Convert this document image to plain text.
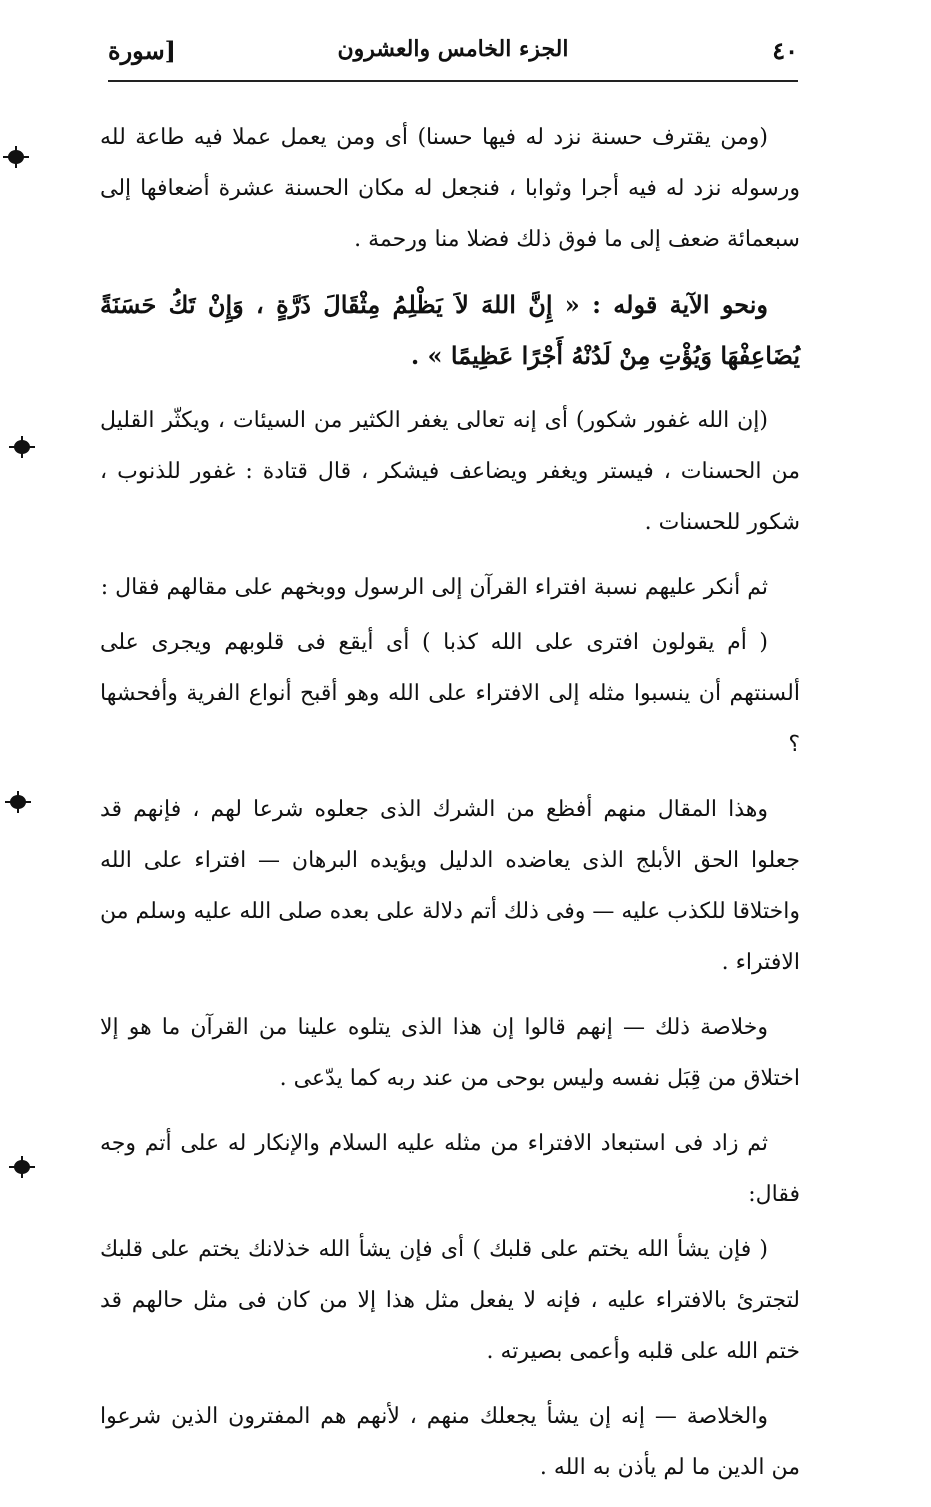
٤٠
الجزء الخامس والعشرون
[سورة

(ومن يقترف حسنة نزد له فيها حسنا) أى ومن يعمل عملا فيه طاعة لله ورسوله نزد له فيه أجرا وثوابا ، فنجعل له مكان الحسنة عشرة أضعافها إلى سبعمائة ضعف إلى ما فوق ذلك فضلا منا ورحمة .

ونحو الآية قوله : « إِنَّ اللهَ لاَ يَظْلِمُ مِثْقَالَ ذَرَّةٍ ، وَإِنْ تَكُ حَسَنَةً يُضَاعِفْهَا وَيُؤْتِ مِنْ لَدُنْهُ أَجْرًا عَظِيمًا » .

(إن الله غفور شكور) أى إنه تعالى يغفر الكثير من السيئات ، ويكثّر القليل من الحسنات ، فيستر ويغفر ويضاعف فيشكر ، قال قتادة : غفور للذنوب ، شكور للحسنات .

ثم أنكر عليهم نسبة افتراء القرآن إلى الرسول ووبخهم على مقالهم فقال :

( أم يقولون افترى على الله كذبا ) أى أيقع فى قلوبهم ويجرى على ألسنتهم أن ينسبوا مثله إلى الافتراء على الله وهو أقبح أنواع الفرية وأفحشها ؟

وهذا المقال منهم أفظع من الشرك الذى جعلوه شرعا لهم ، فإنهم قد جعلوا الحق الأبلج الذى يعاضده الدليل ويؤيده البرهان — افتراء على الله واختلاقا للكذب عليه — وفى ذلك أتم دلالة على بعده صلى الله عليه وسلم من الافتراء .

وخلاصة ذلك — إنهم قالوا إن هذا الذى يتلوه علينا من القرآن ما هو إلا اختلاق من قِبَل نفسه وليس بوحى من عند ربه كما يدّعى .

ثم زاد فى استبعاد الافتراء من مثله عليه السلام والإنكار له على أتم وجه فقال:

( فإن يشأ الله يختم على قلبك ) أى فإن يشأ الله خذلانك يختم على قلبك لتجترئ بالافتراء عليه ، فإنه لا يفعل مثل هذا إلا من كان فى مثل حالهم قد ختم الله على قلبه وأعمى بصيرته .

والخلاصة — إنه إن يشأ يجعلك منهم ، لأنهم هم المفترون الذين شرعوا من الدين ما لم يأذن به الله .
